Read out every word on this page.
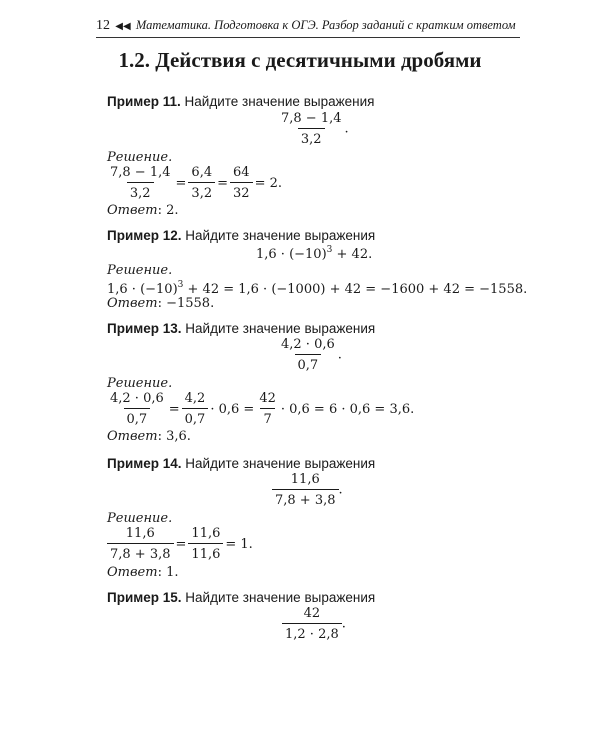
12 ◀◀ Математика. Подготовка к ОГЭ. Разбор заданий с кратким ответом
1.2. Действия с десятичными дробями
Пример 11. Найдите значение выражения
$\frac{7,8 - 1,4}{3,2}$ .
Решение.
$\frac{7,8 - 1,4}{3,2} = \frac{6,4}{3,2} = \frac{64}{32} = 2$.
Ответ: 2.
Пример 12. Найдите значение выражения
$1,6 \cdot (-10)^3 + 42$.
Решение.
$1,6 \cdot (-10)^3 + 42 = 1,6 \cdot (-1000) + 42 = -1600 + 42 = -1558$.
Ответ: −1558.
Пример 13. Найдите значение выражения
$\frac{4,2 \cdot 0,6}{0,7}$ .
Решение.
$\frac{4,2 \cdot 0,6}{0,7} = \frac{4,2}{0,7} \cdot 0,6 = \frac{42}{7} \cdot 0,6 = 6 \cdot 0,6 = 3,6$.
Ответ: 3,6.
Пример 14. Найдите значение выражения
$\frac{11,6}{7,8 + 3,8}$ .
Решение.
$\frac{11,6}{7,8 + 3,8} = \frac{11,6}{11,6} = 1$.
Ответ: 1.
Пример 15. Найдите значение выражения
$\frac{42}{1,2 \cdot 2,8}$ .
